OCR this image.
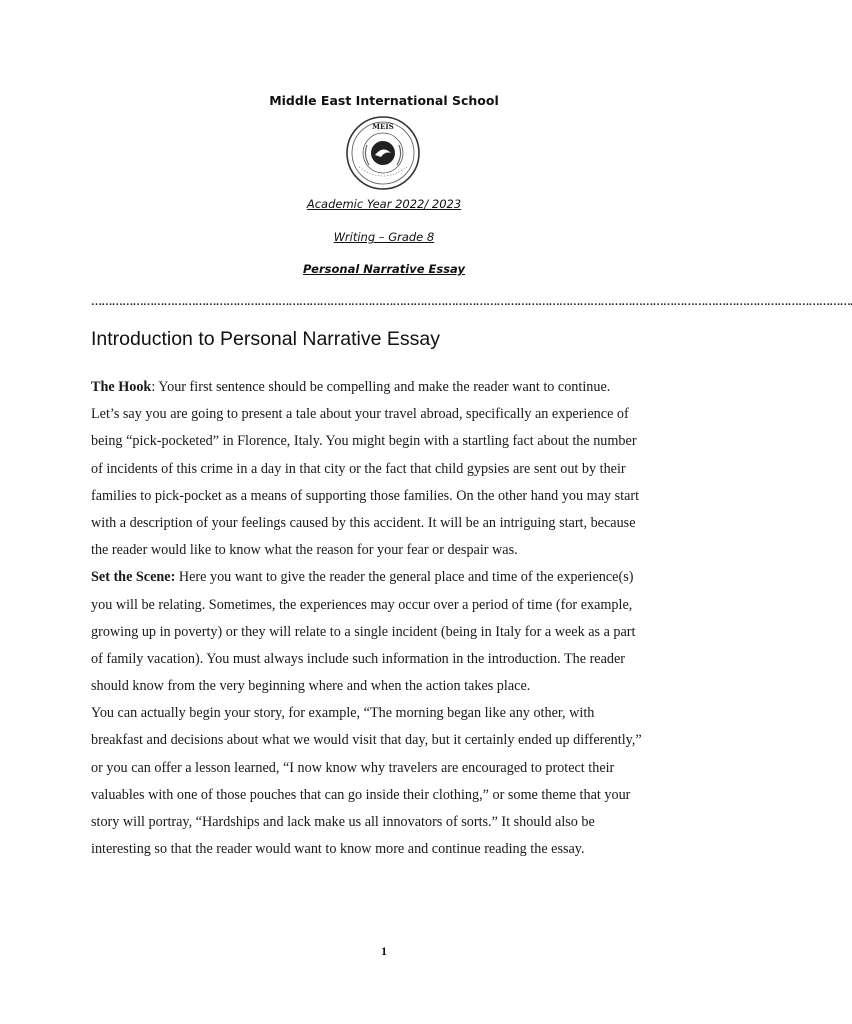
Middle East International School
MEIS
Academic Year 2022/ 2023
Writing – Grade 8
Personal Narrative Essay
………………………………………………………………………………………………………………………………………………………………………………………………….
Introduction to Personal Narrative Essay
The Hook: Your first sentence should be compelling and make the reader want to continue.
Let’s say you are going to present a tale about your travel abroad, specifically an experience of
being “pick-pocketed” in Florence, Italy. You might begin with a startling fact about the number
of incidents of this crime in a day in that city or the fact that child gypsies are sent out by their
families to pick-pocket as a means of supporting those families. On the other hand you may start
with a description of your feelings caused by this accident. It will be an intriguing start, because
the reader would like to know what the reason for your fear or despair was.
Set the Scene: Here you want to give the reader the general place and time of the experience(s)
you will be relating. Sometimes, the experiences may occur over a period of time (for example,
growing up in poverty) or they will relate to a single incident (being in Italy for a week as a part
of family vacation). You must always include such information in the introduction. The reader
should know from the very beginning where and when the action takes place.
You can actually begin your story, for example, “The morning began like any other, with
breakfast and decisions about what we would visit that day, but it certainly ended up differently,”
or you can offer a lesson learned, “I now know why travelers are encouraged to protect their
valuables with one of those pouches that can go inside their clothing,” or some theme that your
story will portray, “Hardships and lack make us all innovators of sorts.” It should also be
interesting so that the reader would want to know more and continue reading the essay.
1
